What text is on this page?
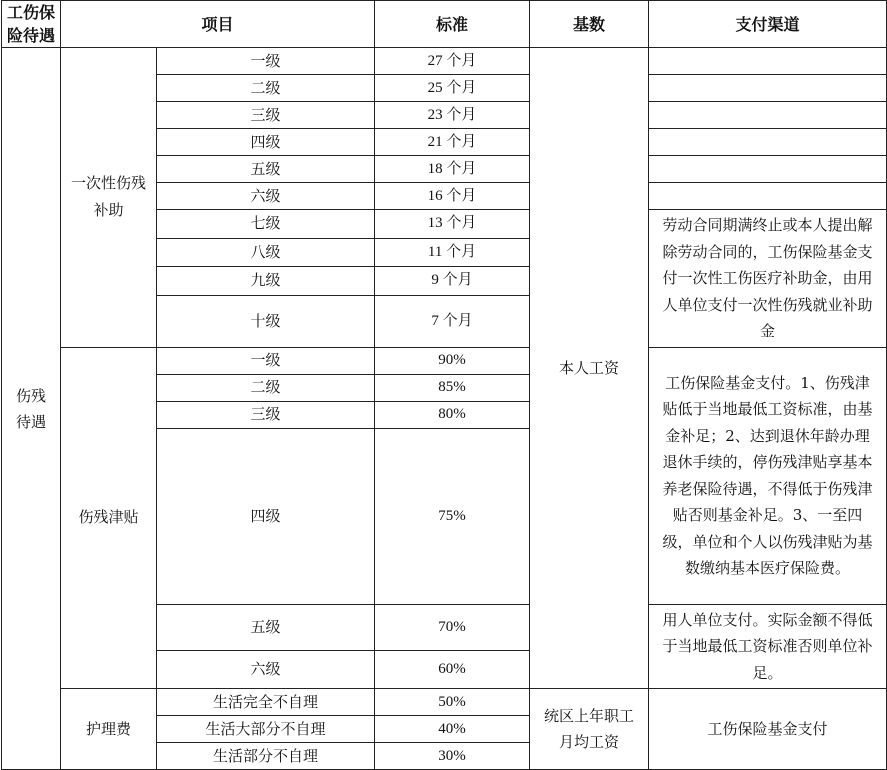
工伤保险待遇	项目		标准	基数	支付渠道
伤残待遇	一次性伤残补助	一级	27 个月	本人工资	
		二级	25 个月		
		三级	23 个月		
		四级	21 个月		
		五级	18 个月		
		六级	16 个月		
		七级	13 个月		劳动合同期满终止或本人提出解除劳动合同的，工伤保险基金支付一次性工伤医疗补助金，由用人单位支付一次性伤残就业补助金
		八级	11 个月		
		九级	9 个月		
		十级	7 个月		
	伤残津贴	一级	90%		工伤保险基金支付。1、伤残津贴低于当地最低工资标准，由基金补足；2、达到退休年龄办理退休手续的，停伤残津贴享基本养老保险待遇，不得低于伤残津贴否则基金补足。3、一至四级，单位和个人以伤残津贴为基数缴纳基本医疗保险费。
		二级	85%		
		三级	80%		
		四级	75%		
		五级	70%		用人单位支付。实际金额不得低于当地最低工资标准否则单位补足。
		六级	60%		
	护理费	生活完全不自理	50%	统区上年职工月均工资	工伤保险基金支付
		生活大部分不自理	40%		
		生活部分不自理	30%		
